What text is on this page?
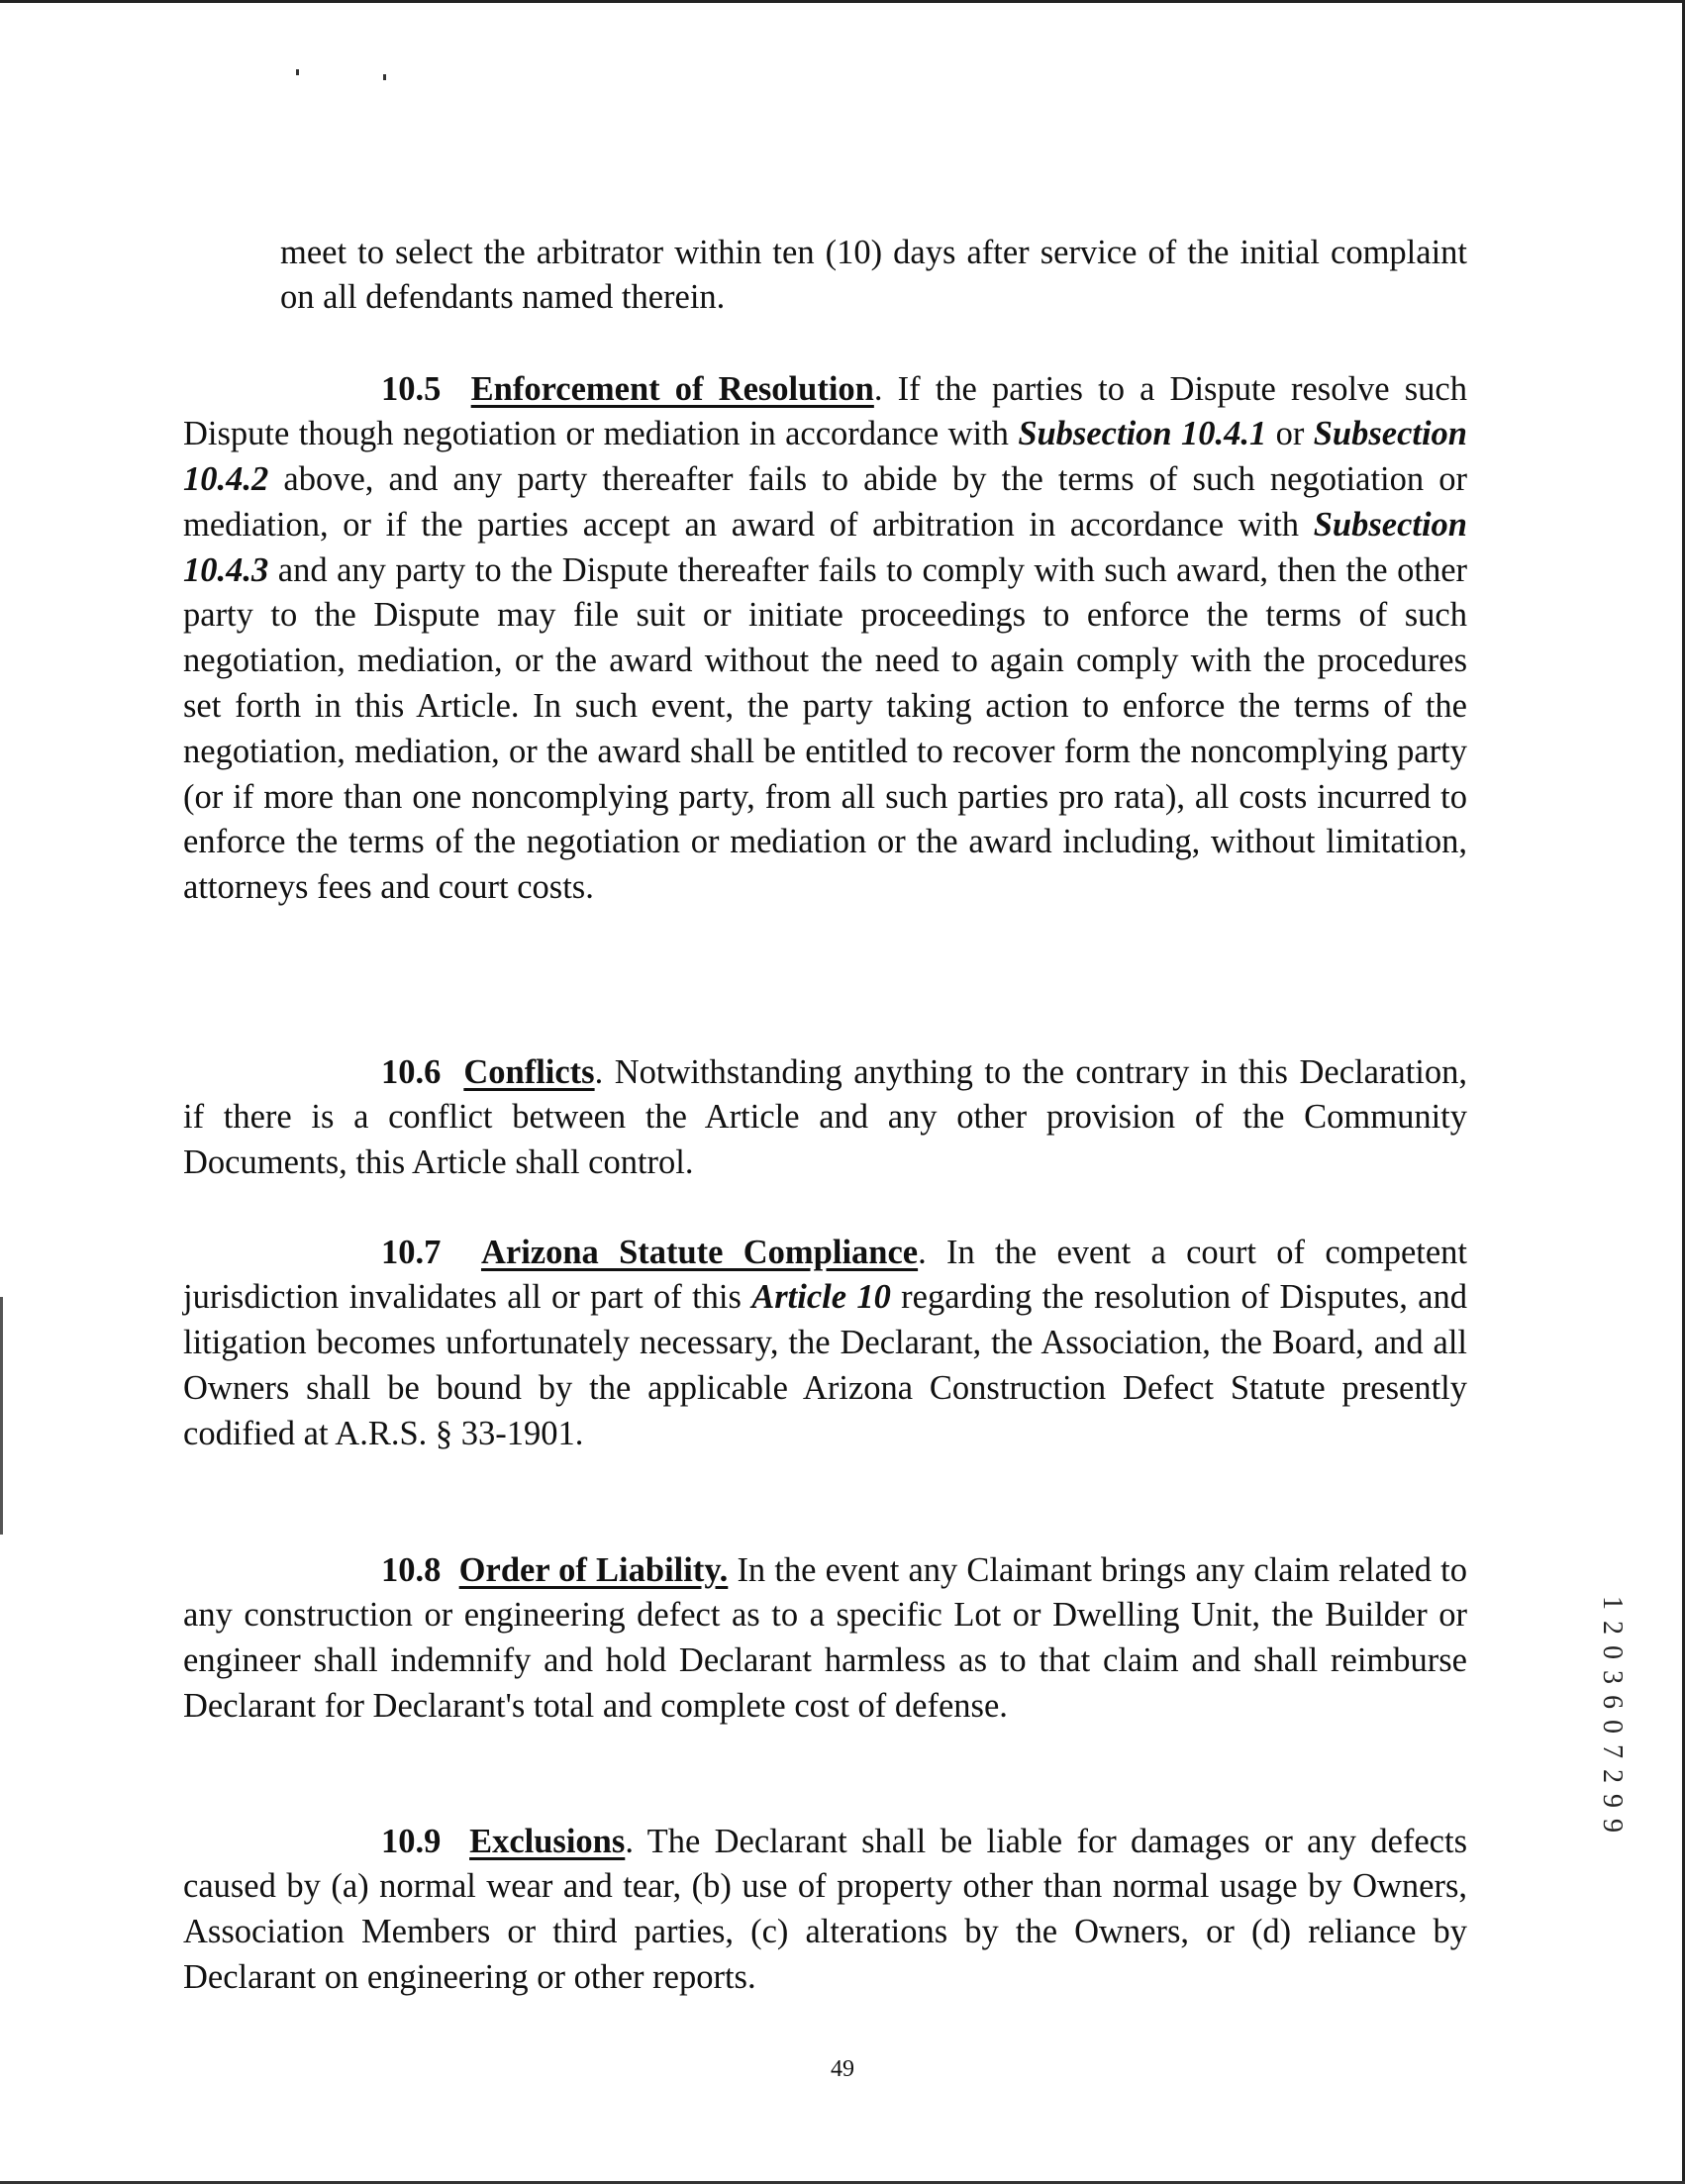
meet to select the arbitrator within ten (10) days after service of the initial complaint on all defendants named therein.

10.5 Enforcement of Resolution. If the parties to a Dispute resolve such Dispute though negotiation or mediation in accordance with Subsection 10.4.1 or Subsection 10.4.2 above, and any party thereafter fails to abide by the terms of such negotiation or mediation, or if the parties accept an award of arbitration in accordance with Subsection 10.4.3 and any party to the Dispute thereafter fails to comply with such award, then the other party to the Dispute may file suit or initiate proceedings to enforce the terms of such negotiation, mediation, or the award without the need to again comply with the procedures set forth in this Article. In such event, the party taking action to enforce the terms of the negotiation, mediation, or the award shall be entitled to recover form the noncomplying party (or if more than one noncomplying party, from all such parties pro rata), all costs incurred to enforce the terms of the negotiation or mediation or the award including, without limitation, attorneys fees and court costs.

10.6 Conflicts. Notwithstanding anything to the contrary in this Declaration, if there is a conflict between the Article and any other provision of the Community Documents, this Article shall control.

10.7 Arizona Statute Compliance. In the event a court of competent jurisdiction invalidates all or part of this Article 10 regarding the resolution of Disputes, and litigation becomes unfortunately necessary, the Declarant, the Association, the Board, and all Owners shall be bound by the applicable Arizona Construction Defect Statute presently codified at A.R.S. § 33-1901.

10.8 Order of Liability. In the event any Claimant brings any claim related to any construction or engineering defect as to a specific Lot or Dwelling Unit, the Builder or engineer shall indemnify and hold Declarant harmless as to that claim and shall reimburse Declarant for Declarant's total and complete cost of defense.

10.9 Exclusions. The Declarant shall be liable for damages or any defects caused by (a) normal wear and tear, (b) use of property other than normal usage by Owners, Association Members or third parties, (c) alterations by the Owners, or (d) reliance by Declarant on engineering or other reports.

49
1 2 0 3 6 0 7 2 9 9
